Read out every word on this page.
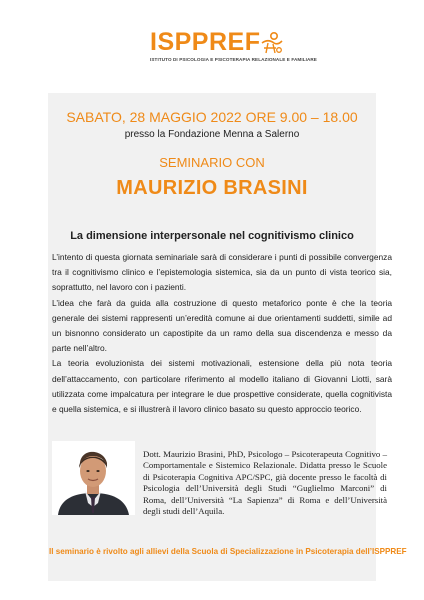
ISPPREF
ISTITUTO DI PSICOLOGIA E PSICOTERAPIA RELAZIONALE E FAMILIARE
SABATO, 28 MAGGIO 2022 ORE 9.00 – 18.00
presso la Fondazione Menna a Salerno
SEMINARIO CON
MAURIZIO BRASINI
La dimensione interpersonale nel cognitivismo clinico

L’intento di questa giornata seminariale sarà di considerare i punti di possibile convergenza tra il cognitivismo clinico e l’epistemologia sistemica, sia da un punto di vista teorico sia, soprattutto, nel lavoro con i pazienti.

L’idea che farà da guida alla costruzione di questo metaforico ponte è che la teoria generale dei sistemi rappresenti un’eredità comune ai due orientamenti suddetti, simile ad un bisnonno considerato un capostipite da un ramo della sua discendenza e messo da parte nell’altro.

La teoria evoluzionista dei sistemi motivazionali, estensione della più nota teoria dell’attaccamento, con particolare riferimento al modello italiano di Giovanni Liotti, sarà utilizzata come impalcatura per integrare le due prospettive considerate, quella cognitivista e quella sistemica, e si illustrerà il lavoro clinico basato su questo approccio teorico.

Dott. Maurizio Brasini, PhD, Psicologo – Psicoterapeuta Cognitivo – Comportamentale e Sistemico Relazionale. Didatta presso le Scuole di Psicoterapia Cognitiva APC/SPC, già docente presso le facoltà di Psicologia dell’Università degli Studi “Guglielmo Marconi” di Roma, dell’Università “La Sapienza” di Roma e dell’Università degli studi dell’Aquila.
Il seminario è rivolto agli allievi della Scuola di Specializzazione in Psicoterapia dell’ISPPREF
